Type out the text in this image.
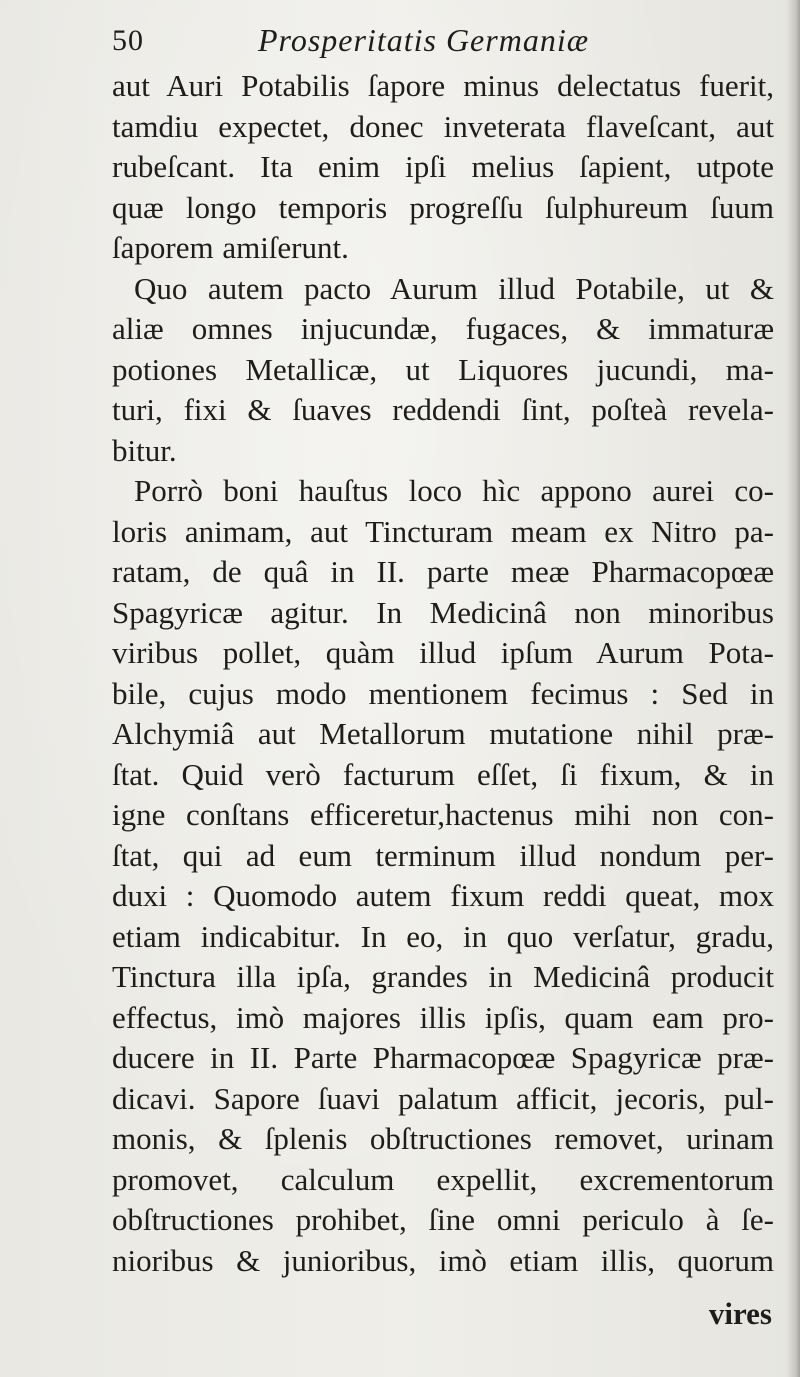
50	Prosperitatis Germaniæ
aut Auri Potabilis ſapore minus delectatus fuerit,
tamdiu expectet, donec inveterata flaveſcant, aut
rubeſcant. Ita enim ipſi melius ſapient, utpote
quæ longo temporis progreſſu ſulphureum ſuum
ſaporem amiſerunt.
Quo autem pacto Aurum illud Potabile, ut &
aliæ omnes injucundæ, fugaces, & immaturæ
potiones Metallicæ, ut Liquores jucundi, ma-
turi, fixi & ſuaves reddendi ſint, poſteà revela-
bitur.
Porrò boni hauſtus loco hìc appono aurei co-
loris animam, aut Tincturam meam ex Nitro pa-
ratam, de quâ in II. parte meæ Pharmacopœæ
Spagyricæ agitur. In Medicinâ non minoribus
viribus pollet, quàm illud ipſum Aurum Pota-
bile, cujus modo mentionem fecimus : Sed in
Alchymiâ aut Metallorum mutatione nihil præ-
ſtat. Quid verò facturum eſſet, ſi fixum, & in
igne conſtans efficeretur,hactenus mihi non con-
ſtat, qui ad eum terminum illud nondum per-
duxi : Quomodo autem fixum reddi queat, mox
etiam indicabitur. In eo, in quo verſatur, gradu,
Tinctura illa ipſa, grandes in Medicinâ producit
effectus, imò majores illis ipſis, quam eam pro-
ducere in II. Parte Pharmacopœæ Spagyricæ præ-
dicavi. Sapore ſuavi palatum afficit, jecoris, pul-
monis, & ſplenis obſtructiones removet, urinam
promovet, calculum expellit, excrementorum
obſtructiones prohibet, ſine omni periculo à ſe-
nioribus & junioribus, imò etiam illis, quorum
vires
